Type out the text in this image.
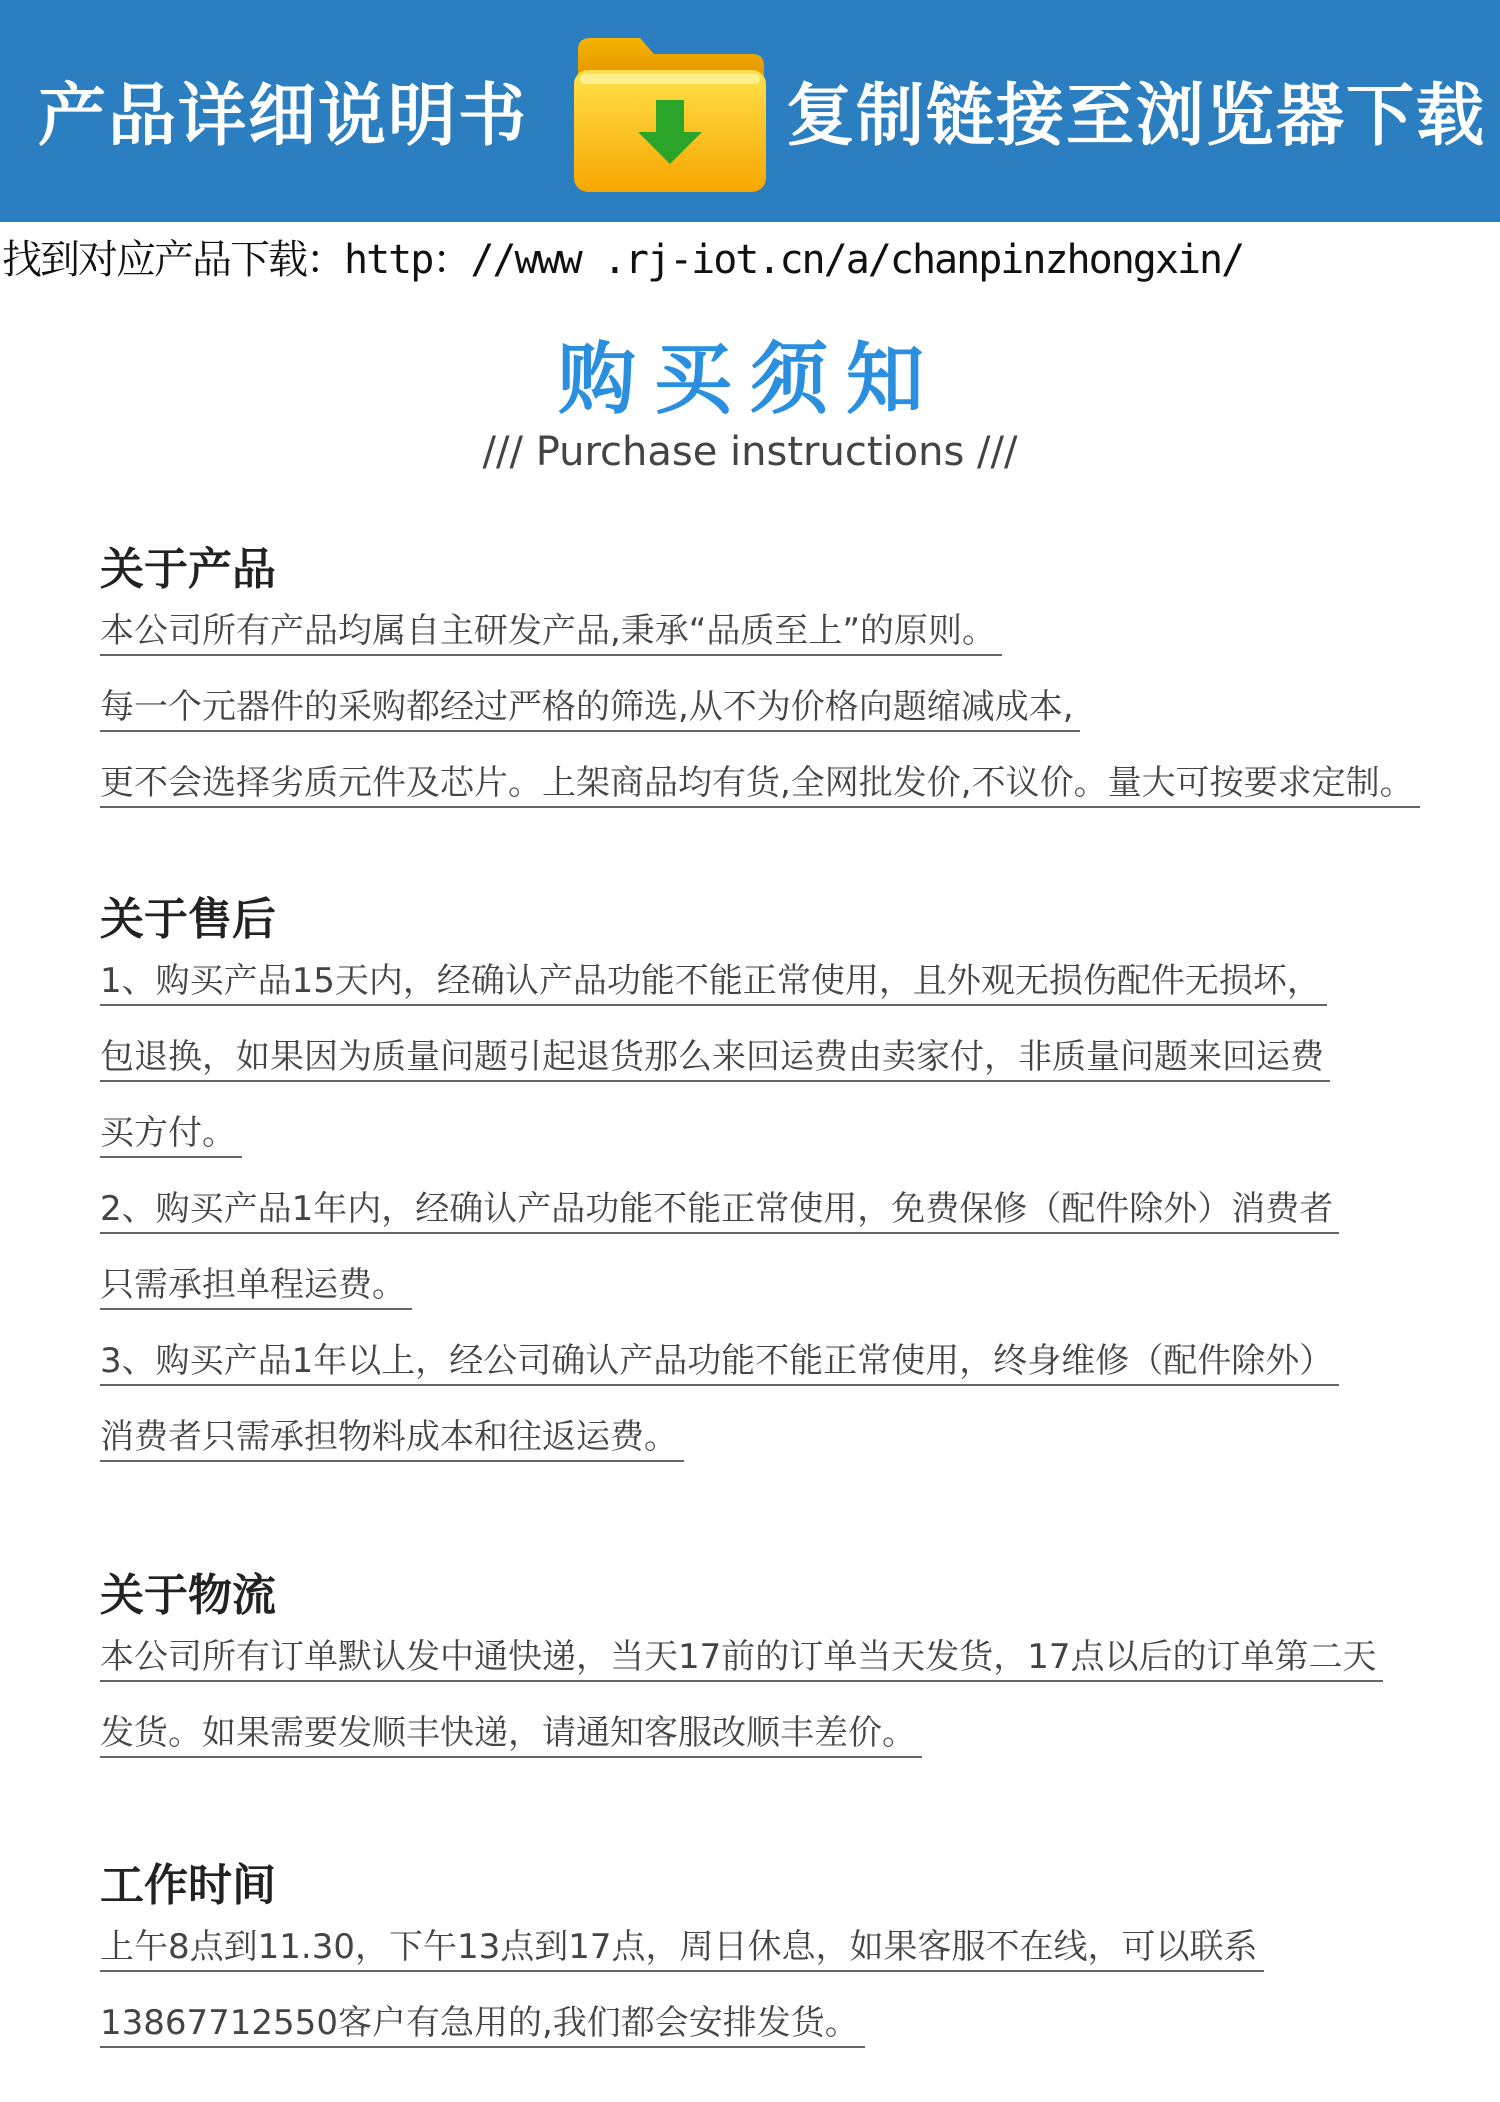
产品详细说明书	复制链接至浏览器下载
找到对应产品下载：http：//www .rj-iot.cn/a/chanpinzhongxin/
购买须知
/// Purchase instructions ///
关于产品
本公司所有产品均属自主研发产品,秉承“品质至上”的原则。
每一个元器件的采购都经过严格的筛选,从不为价格向题缩减成本,
更不会选择劣质元件及芯片。上架商品均有货,全网批发价,不议价。量大可按要求定制。
关于售后
1、购买产品15天内，经确认产品功能不能正常使用，且外观无损伤配件无损坏，
包退换，如果因为质量问题引起退货那么来回运费由卖家付，非质量问题来回运费
买方付。
2、购买产品1年内，经确认产品功能不能正常使用，免费保修（配件除外）消费者
只需承担单程运费。
3、购买产品1年以上，经公司确认产品功能不能正常使用，终身维修（配件除外）
消费者只需承担物料成本和往返运费。
关于物流
本公司所有订单默认发中通快递，当天17前的订单当天发货，17点以后的订单第二天
发货。如果需要发顺丰快递，请通知客服改顺丰差价。
工作时间
上午8点到11.30，下午13点到17点，周日休息，如果客服不在线，可以联系
13867712550客户有急用的,我们都会安排发货。
